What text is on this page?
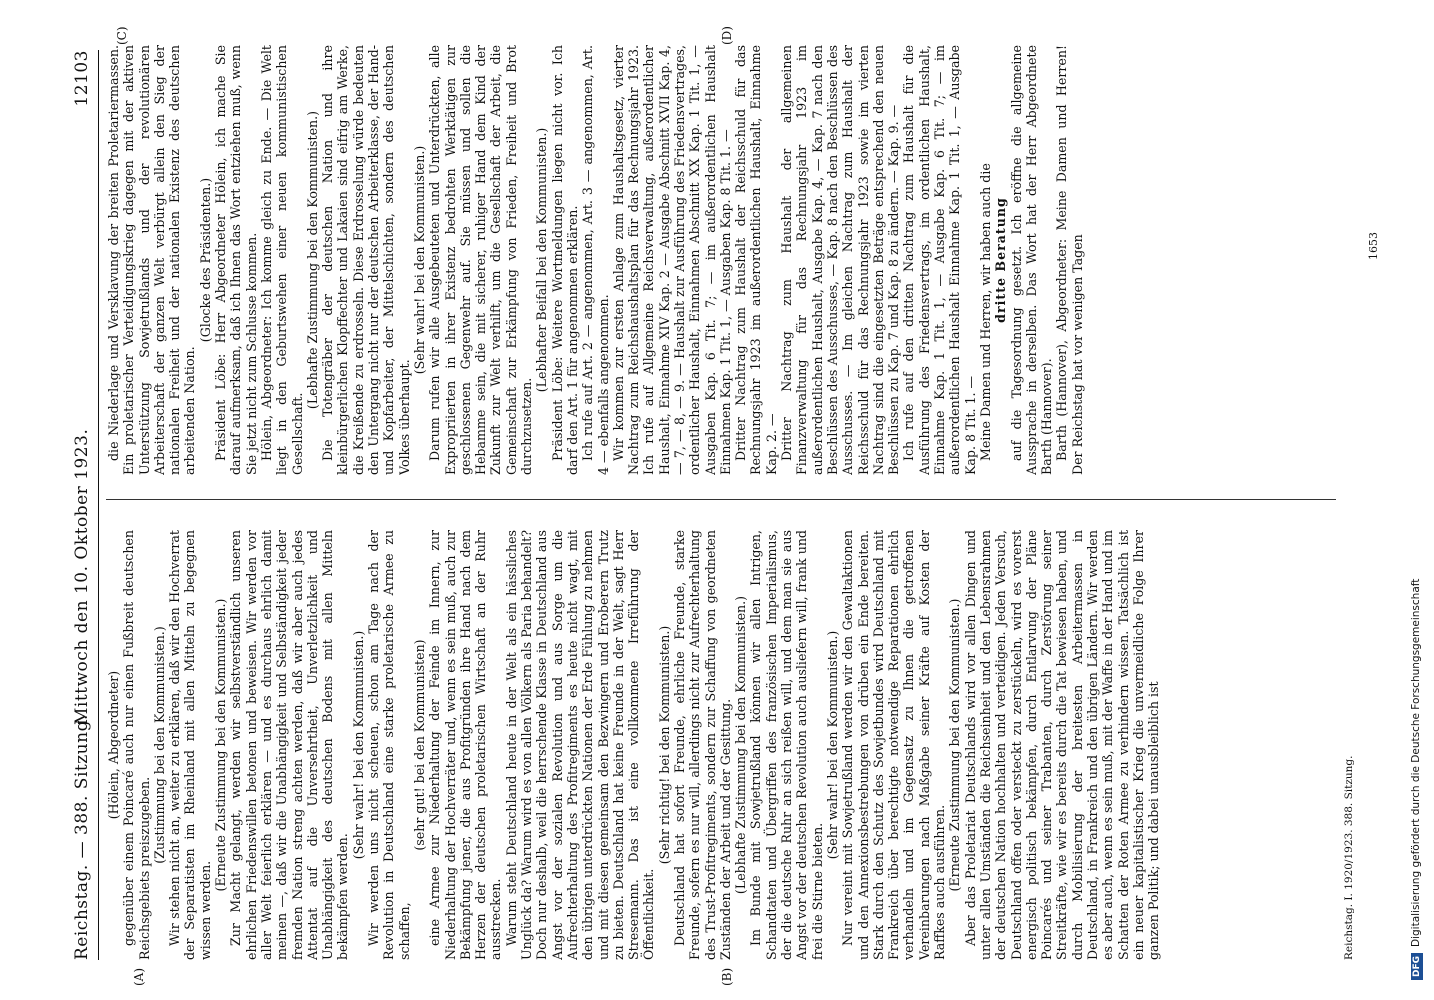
Reichstag. — 388. Sitzung.
Mittwoch den 10. Oktober 1923.
12103
(A)	(B)
(C)	(D)

(Hölein, Abgeordneter) gegenüber einem Poincaré auch nur einen Fußbreit deutschen Reichsgebiets preiszugeben.

(Zustimmung bei den Kommunisten.) Wir stehen nicht an, weiter zu erklären, daß wir den Hochverrat der Separatisten im Rheinland mit allen Mitteln zu begegnen wissen werden.

(Erneute Zustimmung bei den Kommunisten.) Zur Macht gelangt, werden wir selbstverständlich unseren ehrlichen Friedenswillen betonen und beweisen. Wir werden vor aller Welt feierlich erklären — und es durchaus ehrlich damit meinen —, daß wir die Unabhängigkeit und Selbständigkeit jeder fremden Nation streng achten werden, daß wir aber auch jedes Attentat auf die Unversehrtheit, Unverletzlichkeit und Unabhängigkeit des deutschen Bodens mit allen Mitteln bekämpfen werden.

(Sehr wahr! bei den Kommunisten.) Wir werden uns nicht scheuen, schon am Tage nach der Revolution in Deutschland eine starke proletarische Armee zu schaffen,

(sehr gut! bei den Kommunisten) eine Armee zur Niederhaltung der Feinde im Innern, zur Niederhaltung der Hochverräter und, wenn es sein muß, auch zur Bekämpfung jener, die aus Profitgründen ihre Hand nach dem Herzen der deutschen proletarischen Wirtschaft an der Ruhr ausstrecken. Warum steht Deutschland heute in der Welt als ein hässliches Unglück da? Warum wird es von allen Völkern als Paria behandelt? Doch nur deshalb, weil die herrschende Klasse in Deutschland aus Angst vor der sozialen Revolution und aus Sorge um die Aufrechterhaltung des Profitregiments es heute nicht wagt, mit den übrigen unterdrückten Nationen der Erde Fühlung zu nehmen und mit diesen gemeinsam den Bezwingern und Eroberern Trutz zu bieten. Deutschland hat keine Freunde in der Welt, sagt Herr Stresemann. Das ist eine vollkommene Irreführung der Öffentlichkeit.

(Sehr richtig! bei den Kommunisten.) Deutschland hat sofort Freunde, ehrliche Freunde, starke Freunde, sofern es nur will, allerdings nicht zur Aufrechterhaltung des Trust-Profitregiments, sondern zur Schaffung von geordneten Zuständen der Arbeit und der Gesittung. (Lebhafte Zustimmung bei den Kommunisten.) Im Bunde mit Sowjetrußland können wir allen Intrigen, Schandtaten und Übergriffen des französischen Imperialismus, der die deutsche Ruhr an sich reißen will, und dem man sie aus Angst vor der deutschen Revolution auch ausliefern will, frank und frei die Stirne bieten.

(Sehr wahr! bei den Kommunisten.) Nur vereint mit Sowjetrußland werden wir den Gewaltaktionen und den Annexionsbestrebungen von drüben ein Ende bereiten. Stark durch den Schutz des Sowjetbundes wird Deutschland mit Frankreich über berechtigte notwendige Reparationen ehrlich verhandeln und im Gegensatz zu Ihnen die getroffenen Vereinbarungen nach Maßgabe seiner Kräfte auf Kosten der Raffkes auch ausführen. (Erneute Zustimmung bei den Kommunisten.) Aber das Proletariat Deutschlands wird vor allen Dingen und unter allen Umständen die Reichseinheit und den Lebensrahmen der deutschen Nation hochhalten und verteidigen. Jeden Versuch, Deutschland offen oder versteckt zu zerstückeln, wird es vorerst energisch politisch bekämpfen, durch Entlarvung der Pläne Poincarés und seiner Trabanten, durch Zerstörung seiner Streitkräfte, wie wir es bereits durch die Tat bewiesen haben, und durch Mobilisierung der breitesten Arbeitermassen in Deutschland, in Frankreich und den übrigen Ländern. Wir werden es aber auch, wenn es sein muß, mit der Waffe in der Hand und im Schatten der Roten Armee zu verhindern wissen. Tatsächlich ist ein neuer kapitalistischer Krieg die unvermeidliche Folge Ihrer ganzen Politik; und dabei unausbleiblich ist

die Niederlage und Versklavung der breiten Proletariermassen. Ein proletarischer Verteidigungskrieg dagegen mit der aktiven Unterstützung Sowjetrußlands und der revolutionären Arbeiterschaft der ganzen Welt verbürgt allein den Sieg der nationalen Freiheit und der nationalen Existenz des deutschen arbeitenden Nation.

(Glocke des Präsidenten.) Präsident Löbe: Herr Abgeordneter Hölein, ich mache Sie darauf aufmerksam, daß ich Ihnen das Wort entziehen muß, wenn Sie jetzt nicht zum Schlusse kommen. Hölein, Abgeordneter: Ich komme gleich zu Ende. — Die Welt liegt in den Geburtswehen einer neuen kommunistischen Gesellschaft.

(Lebhafte Zustimmung bei den Kommunisten.) Die Totengräber der deutschen Nation und ihre kleinbürgerlichen Klopffechter und Lakaien sind eifrig am Werke, die Kreißende zu erdrosseln. Diese Erdrosselung würde bedeuten den Untergang nicht nur der deutschen Arbeiterklasse, der Hand- und Kopfarbeiter, der Mittelschichten, sondern des deutschen Volkes überhaupt.

(Sehr wahr! bei den Kommunisten.) Darum rufen wir alle Ausgebeuteten und Unterdrückten, alle Expropriierten in ihrer Existenz bedrohten Werktätigen zur geschlossenen Gegenwehr auf. Sie müssen und sollen die Hebamme sein, die mit sicherer, ruhiger Hand dem Kind der Zukunft zur Welt verhilft, um die Gesellschaft der Arbeit, die Gemeinschaft zur Erkämpfung von Frieden, Freiheit und Brot durchzusetzen.

(Lebhafter Beifall bei den Kommunisten.) Präsident Löbe: Weitere Wortmeldungen liegen nicht vor. Ich darf den Art. 1 für angenommen erklären. Ich rufe auf Art. 2 — angenommen, Art. 3 — angenommen, Art. 4 — ebenfalls angenommen. Wir kommen zur ersten Anlage zum Haushaltsgesetz, vierter Nachtrag zum Reichshaushaltsplan für das Rechnungsjahr 1923. Ich rufe auf Allgemeine Reichsverwaltung, außerordentlicher Haushalt, Einnahme XIV Kap. 2 — Ausgabe Abschnitt XVII Kap. 4, — 7, — 8, — 9. — Haushalt zur Ausführung des Friedensvertrages, ordentlicher Haushalt, Einnahmen Abschnitt XX Kap. 1 Tit. 1, — Ausgaben Kap. 6 Tit. 7; — im außerordentlichen Haushalt Einnahmen Kap. 1 Tit. 1, — Ausgaben Kap. 8 Tit. 1. — Dritter Nachtrag zum Haushalt der Reichsschuld für das Rechnungsjahr 1923 im außerordentlichen Haushalt, Einnahme Kap. 2. — Dritter Nachtrag zum Haushalt der allgemeinen Finanzverwaltung für das Rechnungsjahr 1923 im außerordentlichen Haushalt, Ausgabe Kap. 4, — Kap. 7 nach den Beschlüssen des Ausschusses, — Kap. 8 nach den Beschlüssen des Ausschusses. — Im gleichen Nachtrag zum Haushalt der Reichsschuld für das Rechnungsjahr 1923 sowie im vierten Nachtrag sind die eingesetzten Beträge entsprechend den neuen Beschlüssen zu Kap. 7 und Kap. 8 zu ändern. — Kap. 9. — Ich rufe auf den dritten Nachtrag zum Haushalt für die Ausführung des Friedensvertrags, im ordentlichen Haushalt, Einnahme Kap. 1 Tit. 1, — Ausgabe Kap. 6 Tit. 7; — im außerordentlichen Haushalt Einnahme Kap. 1 Tit. 1, — Ausgabe Kap. 8 Tit. 1. — Meine Damen und Herren, wir haben auch die dritte Beratung auf die Tagesordnung gesetzt. Ich eröffne die allgemeine Aussprache in derselben. Das Wort hat der Herr Abgeordnete Barth (Hannover). Barth (Hannover), Abgeordneter: Meine Damen und Herren! Der Reichstag hat vor wenigen Tagen

Reichstag. I. 1920/1923. 388. Sitzung.
1653
DFGDigitalisierung gefördert durch die Deutsche Forschungsgemeinschaft
